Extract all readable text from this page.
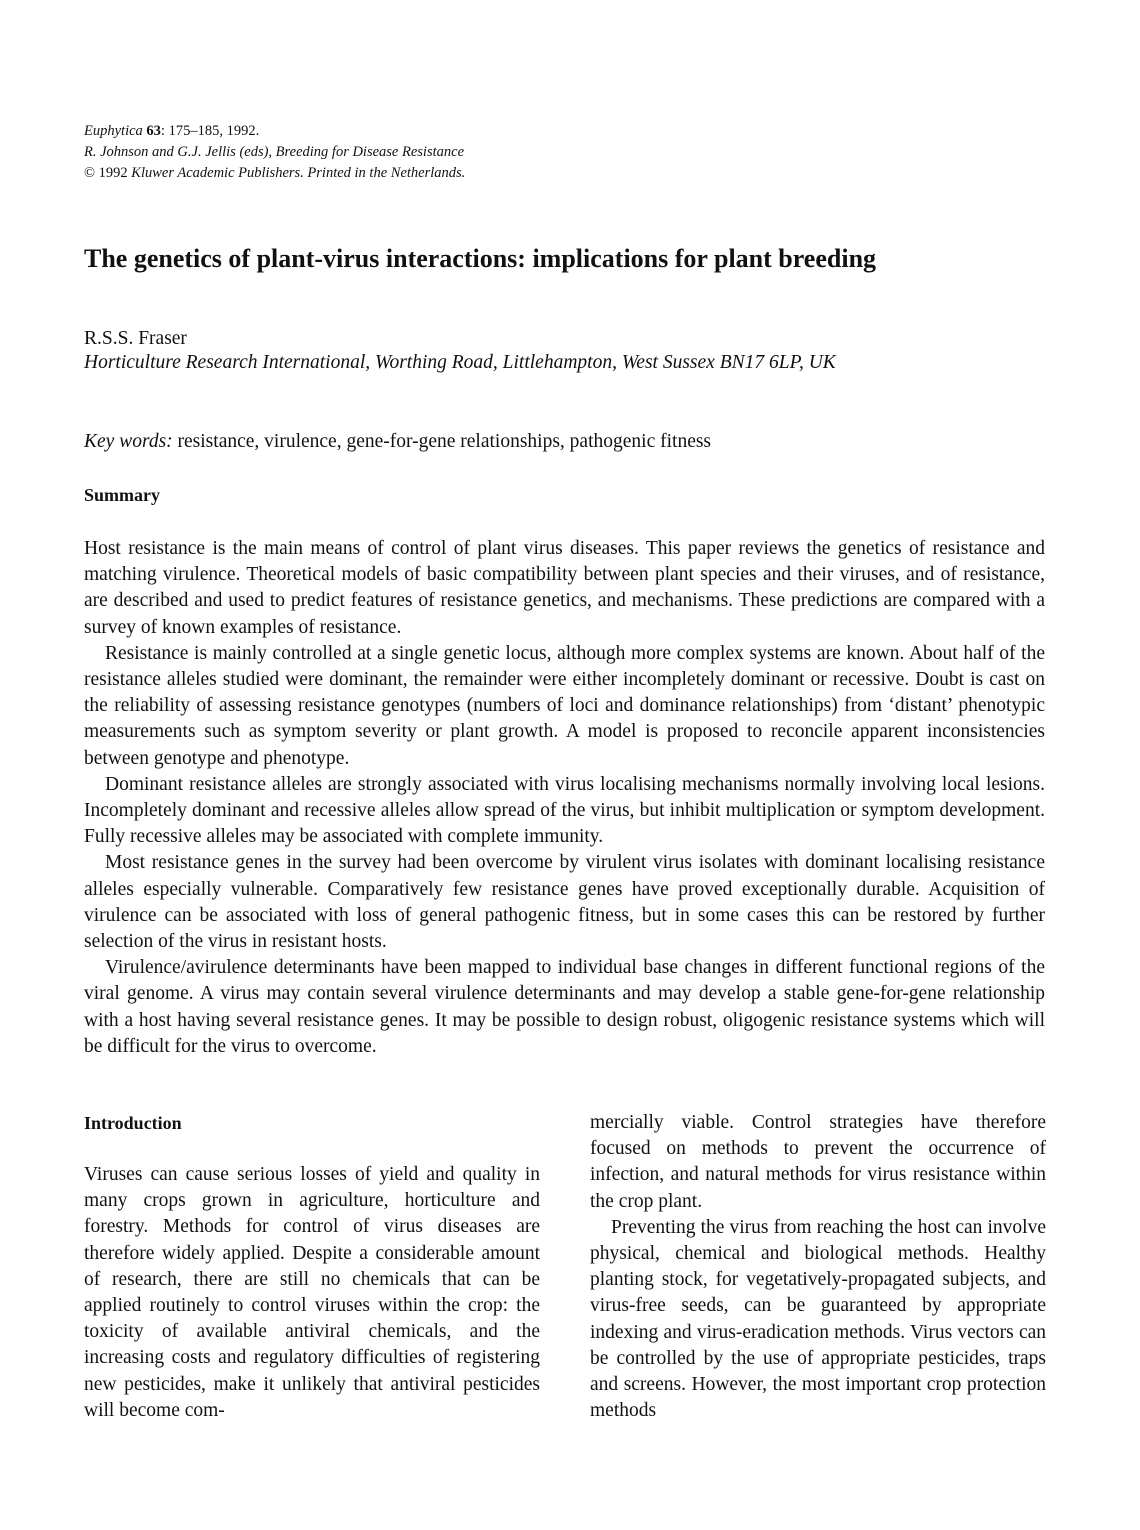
Euphytica 63: 175–185, 1992.
R. Johnson and G.J. Jellis (eds), Breeding for Disease Resistance
© 1992 Kluwer Academic Publishers. Printed in the Netherlands.
The genetics of plant-virus interactions: implications for plant breeding
R.S.S. Fraser
Horticulture Research International, Worthing Road, Littlehampton, West Sussex BN17 6LP, UK
Key words: resistance, virulence, gene-for-gene relationships, pathogenic fitness
Summary

Host resistance is the main means of control of plant virus diseases. This paper reviews the genetics of resistance and matching virulence. Theoretical models of basic compatibility between plant species and their viruses, and of resistance, are described and used to predict features of resistance genetics, and mechanisms. These predictions are compared with a survey of known examples of resistance.

Resistance is mainly controlled at a single genetic locus, although more complex systems are known. About half of the resistance alleles studied were dominant, the remainder were either incompletely dominant or recessive. Doubt is cast on the reliability of assessing resistance genotypes (numbers of loci and dominance relationships) from ‘distant’ phenotypic measurements such as symptom severity or plant growth. A model is proposed to reconcile apparent inconsistencies between genotype and phenotype.

Dominant resistance alleles are strongly associated with virus localising mechanisms normally involving local lesions. Incompletely dominant and recessive alleles allow spread of the virus, but inhibit multiplication or symptom development. Fully recessive alleles may be associated with complete immunity.

Most resistance genes in the survey had been overcome by virulent virus isolates with dominant localising resistance alleles especially vulnerable. Comparatively few resistance genes have proved exceptionally durable. Acquisition of virulence can be associated with loss of general pathogenic fitness, but in some cases this can be restored by further selection of the virus in resistant hosts.

Virulence/avirulence determinants have been mapped to individual base changes in different functional regions of the viral genome. A virus may contain several virulence determinants and may develop a stable gene-for-gene relationship with a host having several resistance genes. It may be possible to design robust, oligogenic resistance systems which will be difficult for the virus to overcome.

Introduction

Viruses can cause serious losses of yield and quality in many crops grown in agriculture, horticulture and forestry. Methods for control of virus diseases are therefore widely applied. Despite a considerable amount of research, there are still no chemicals that can be applied routinely to control viruses within the crop: the toxicity of available antiviral chemicals, and the increasing costs and regulatory difficulties of registering new pesticides, make it unlikely that antiviral pesticides will become com-

mercially viable. Control strategies have therefore focused on methods to prevent the occurrence of infection, and natural methods for virus resistance within the crop plant.

Preventing the virus from reaching the host can involve physical, chemical and biological methods. Healthy planting stock, for vegetatively-propagated subjects, and virus-free seeds, can be guaranteed by appropriate indexing and virus-eradication methods. Virus vectors can be controlled by the use of appropriate pesticides, traps and screens. However, the most important crop protection methods
